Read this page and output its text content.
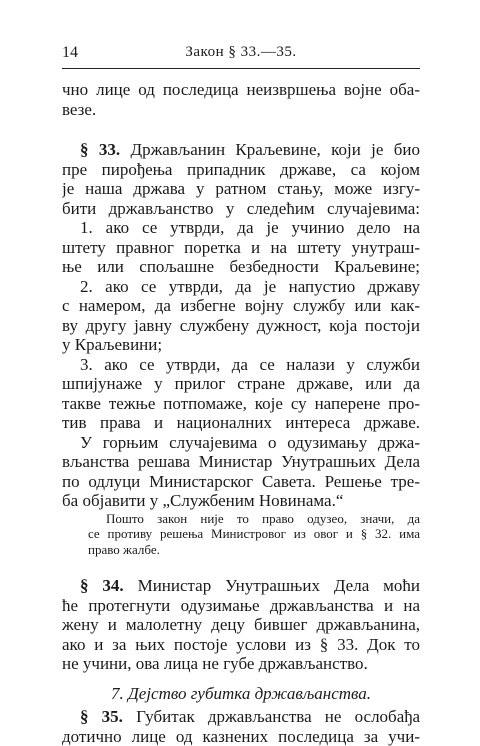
14	Закон § 33.—35.
чно лице од последица неизвршења војне оба-
везе.
§ 33. Држављанин Краљевине, који је био
пре пирођења припадник државе, са којом
је наша држава у ратном стању, може изгу-
бити држављанство у следећим случајевима:
1. ако се утврди, да је учинио дело на
штету правног поретка и на штету унутраш-
ње или спољашне безбедности Краљевине;
2. ако се утврди, да је напустио државу
с намером, да избегне војну службу или как-
ву другу јавну службену дужност, која постоји
у Краљевини;
3. ако се утврди, да се налази у служби
шпијунаже у прилог стране државе, или да
такве тежње потпомаже, које су наперене про-
тив права и националних интереса државе.
У горњим случајевима о одузимању држа-
вљанства решава Министар Унутрашњих Дела
по одлуци Министарског Савета. Решење тре-
ба објавити у „Службеним Новинама.“
Пошто закон није то право одузео, значи, да
се противу решења Министровог из овог и § 32. има
право жалбе.
§ 34. Министар Унутрашњих Дела моћи
ће протегнути одузимање држављанства и на
жену и малолетну децу бившег држављанина,
ако и за њих постоје услови из § 33. Док то
не учини, ова лица не губе држављанство.
7. Дејство губитка држављанства.
§ 35. Губитак држављанства не ослобађа
дотично лице од казнених последица за учи-
